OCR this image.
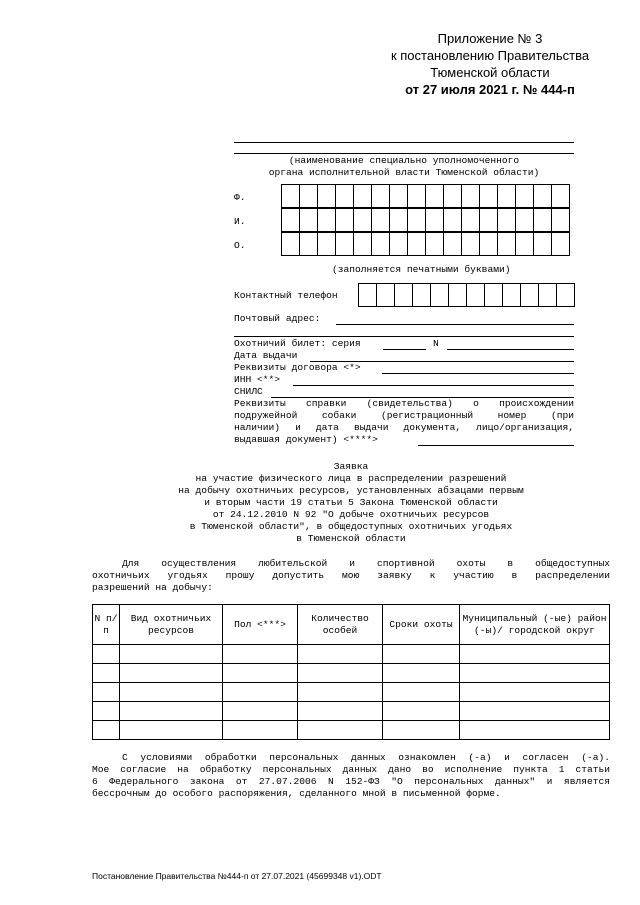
Приложение № 3
к постановлению Правительства
Тюменской области
от 27 июля 2021 г. № 444-п
(наименование специально уполномоченного
органа исполнительной власти Тюменской области)
Ф.
И.
О.
(заполняется печатными буквами)
Контактный телефон
Почтовый адрес:
Охотничий билет: серия	N
Дата выдачи
Реквизиты договора <*>
ИНН <**>
СНИЛС
Реквизиты справки (свидетельства) о происхождении
подружейной собаки (регистрационный номер (при
наличии) и дата выдачи документа, лицо/организация,
выдавшая документ) <****>
Заявка
на участие физического лица в распределении разрешений
на добычу охотничьих ресурсов, установленных абзацами первым
и вторым части 19 статьи 5 Закона Тюменской области
от 24.12.2010 N 92 "О добыче охотничьих ресурсов
в Тюменской области", в общедоступных охотничьих угодьях
в Тюменской области
Для осуществления любительской и спортивной охоты в общедоступных
охотничьих угодьях прошу допустить мою заявку к участию в распределении
разрешений на добычу:
N п/п	Вид охотничьих ресурсов	Пол <***>	Количество особей	Сроки охоты	Муниципальный (-ые) район (-ы)/ городской округ

С условиями обработки персональных данных ознакомлен (-а) и согласен (-а).
Мое согласие на обработку персональных данных дано во исполнение пункта 1 статьи
6 Федерального закона от 27.07.2006 N 152-ФЗ "О персональных данных" и является
бессрочным до особого распоряжения, сделанного мной в письменной форме.
Постановление Правительства №444-п от 27.07.2021 (45699348 v1).ODT
